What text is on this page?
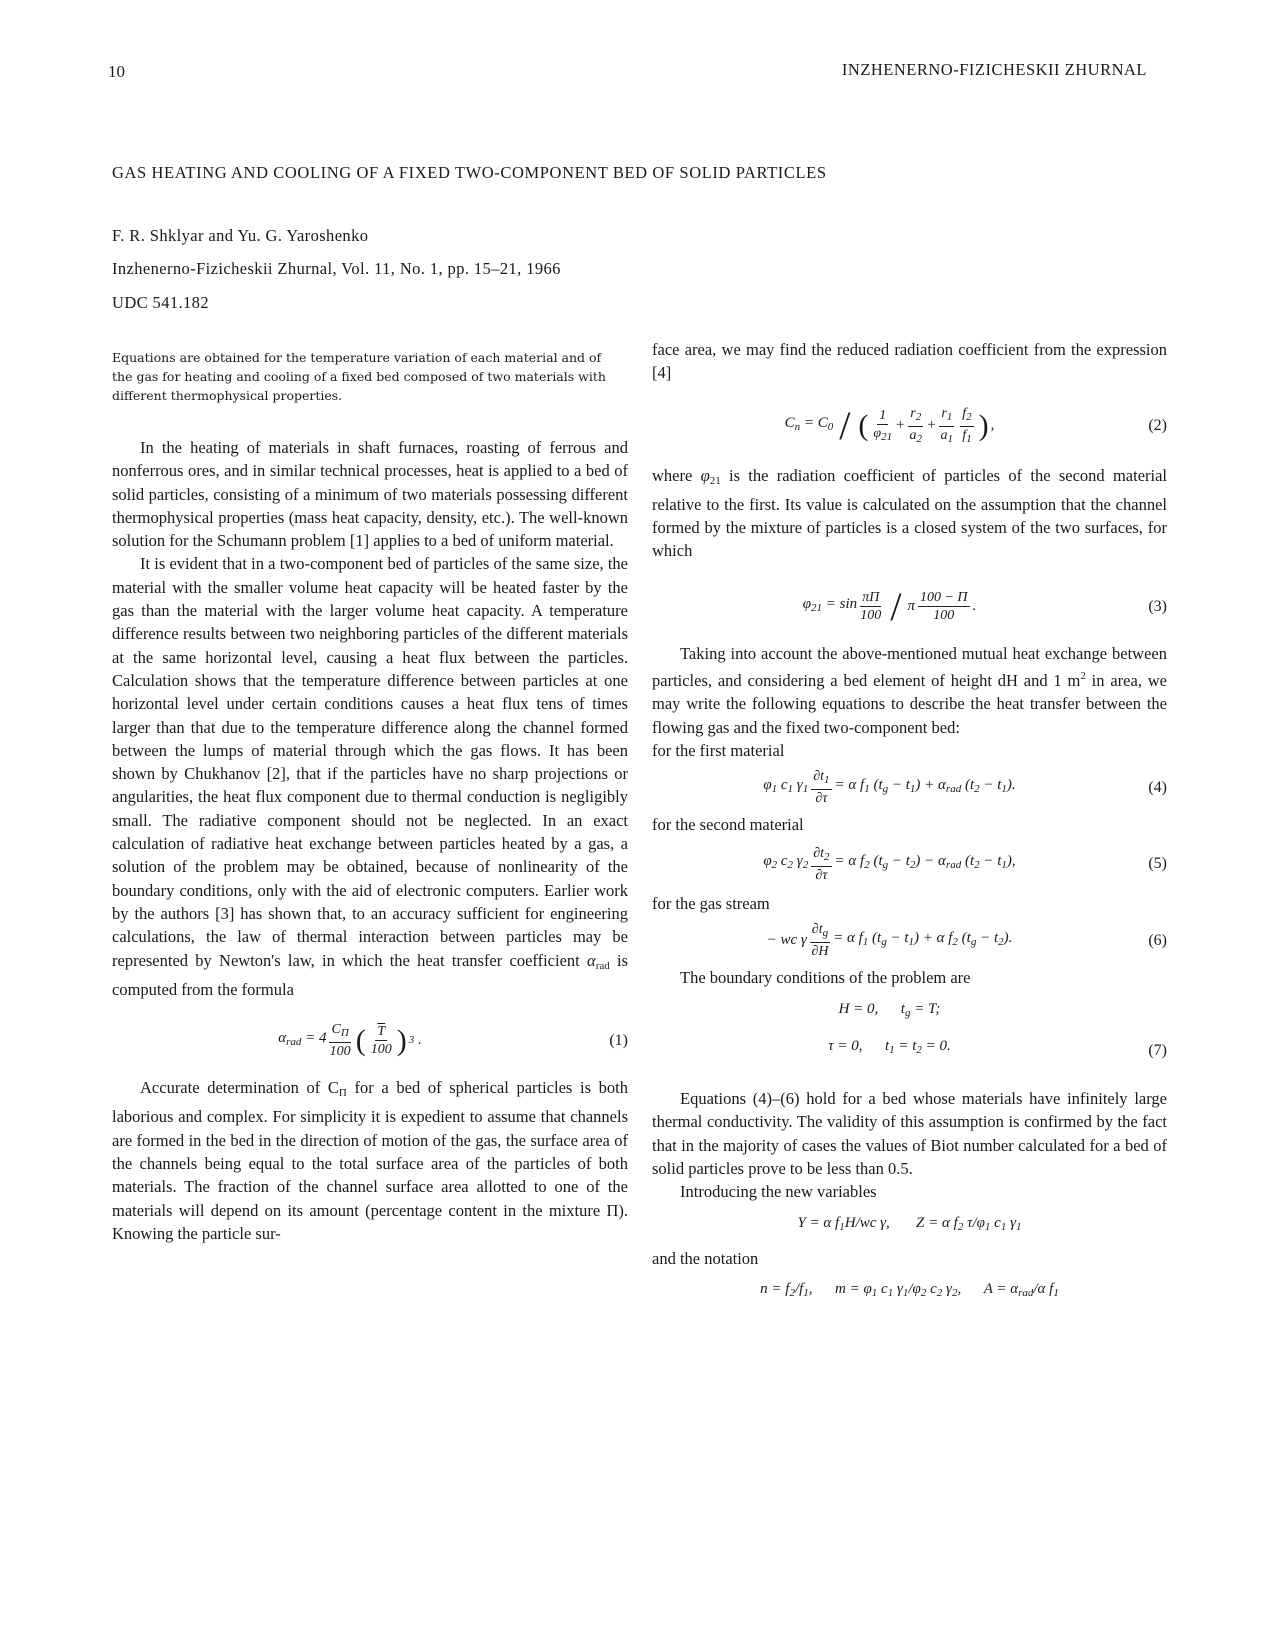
10	INZHENERNO-FIZICHESKII ZHURNAL
GAS HEATING AND COOLING OF A FIXED TWO-COMPONENT BED OF SOLID PARTICLES
F. R. Shklyar and Yu. G. Yaroshenko
Inzhenerno-Fizicheskii Zhurnal, Vol. 11, No. 1, pp. 15–21, 1966
UDC 541.182
Equations are obtained for the temperature variation of each material and of the gas for heating and cooling of a fixed bed composed of two materials with different thermophysical properties.

In the heating of materials in shaft furnaces, roasting of ferrous and nonferrous ores, and in similar technical processes, heat is applied to a bed of solid particles, consisting of a minimum of two materials possessing different thermophysical properties (mass heat capacity, density, etc.). The well-known solution for the Schumann problem [1] applies to a bed of uniform material.

It is evident that in a two-component bed of particles of the same size, the material with the smaller volume heat capacity will be heated faster by the gas than the material with the larger volume heat capacity. A temperature difference results between two neighboring particles of the different materials at the same horizontal level, causing a heat flux between the particles. Calculation shows that the temperature difference between particles at one horizontal level under certain conditions causes a heat flux tens of times larger than that due to the temperature difference along the channel formed between the lumps of material through which the gas flows. It has been shown by Chukhanov [2], that if the particles have no sharp projections or angularities, the heat flux component due to thermal conduction is negligibly small. The radiative component should not be neglected. In an exact calculation of radiative heat exchange between particles heated by a gas, a solution of the problem may be obtained, because of nonlinearity of the boundary conditions, only with the aid of electronic computers. Earlier work by the authors [3] has shown that, to an accuracy sufficient for engineering calculations, the law of thermal interaction between particles may be represented by Newton's law, in which the heat transfer coefficient $\alpha_{rad}$ is computed from the formula

$\alpha_{rad} = 4 \frac{C_\Pi}{100}$ ( $\frac{\overline{T}}{100}$ ) 3 .	(1)

Accurate determination of $C_\Pi$ for a bed of spherical particles is both laborious and complex. For simplicity it is expedient to assume that channels are formed in the bed in the direction of motion of the gas, the surface area of the channels being equal to the total surface area of the particles of both materials. The fraction of the channel surface area allotted to one of the materials will depend on its amount (percentage content in the mixture Π). Knowing the particle sur-

face area, we may find the reduced radiation coefficient from the expression [4]

$C_n = C_0$ / ( $\frac{1}{\varphi_{21}} + \frac{r_2}{a_2} + \frac{r_1}{a_1} \frac{f_2}{f_1}$ ) ,	(2)

where $\varphi_{21}$ is the radiation coefficient of particles of the second material relative to the first. Its value is calculated on the assumption that the channel formed by the mixture of particles is a closed system of the two surfaces, for which

$\varphi_{21} = \sin \frac{\pi\Pi}{100} / \pi \frac{100 - \Pi}{100}$ .	(3)

Taking into account the above-mentioned mutual heat exchange between particles, and considering a bed element of height dH and 1 $m^2$ in area, we may write the following equations to describe the heat transfer between the flowing gas and the fixed two-component bed:

for the first material

$\varphi_1$ $c_1$ $\gamma_1 \frac{\partial t_1}{\partial\tau} = \alpha$ $f_1$ $(t_g - t_1) + \alpha_{rad}$ $(t_2 - t_1)$.	(4)

for the second material

$\varphi_2$ $c_2$ $\gamma_2 \frac{\partial t_2}{\partial\tau} = \alpha$ $f_2$ $(t_g - t_2) - \alpha_{rad}$ $(t_2 - t_1)$,	(5)

for the gas stream

− wc γ $\frac{\partial t_g}{\partial H} = \alpha$ $f_1$ $(t_g - t_1) + \alpha$ $f_2$ $(t_g - t_2)$.	(6)

The boundary conditions of the problem are

H = 0,      $t_g = T$;
τ = 0,      $t_1 = t_2 = 0$.	(7)

Equations (4)–(6) hold for a bed whose materials have infinitely large thermal conductivity. The validity of this assumption is confirmed by the fact that in the majority of cases the values of Biot number calculated for a bed of solid particles prove to be less than 0.5.

Introducing the new variables

Y = α $f_1H/wc$ γ,       Z = α $f_2$ $\tau/\varphi_1$ $c_1$ $\gamma_1$

and the notation

$n = f_2/f_1$,      $m = \varphi_1$ $c_1$ $\gamma_1/\varphi_2$ $c_2$ $\gamma_2$,      $A = \alpha_{rad}/\alpha$ $f_1$
